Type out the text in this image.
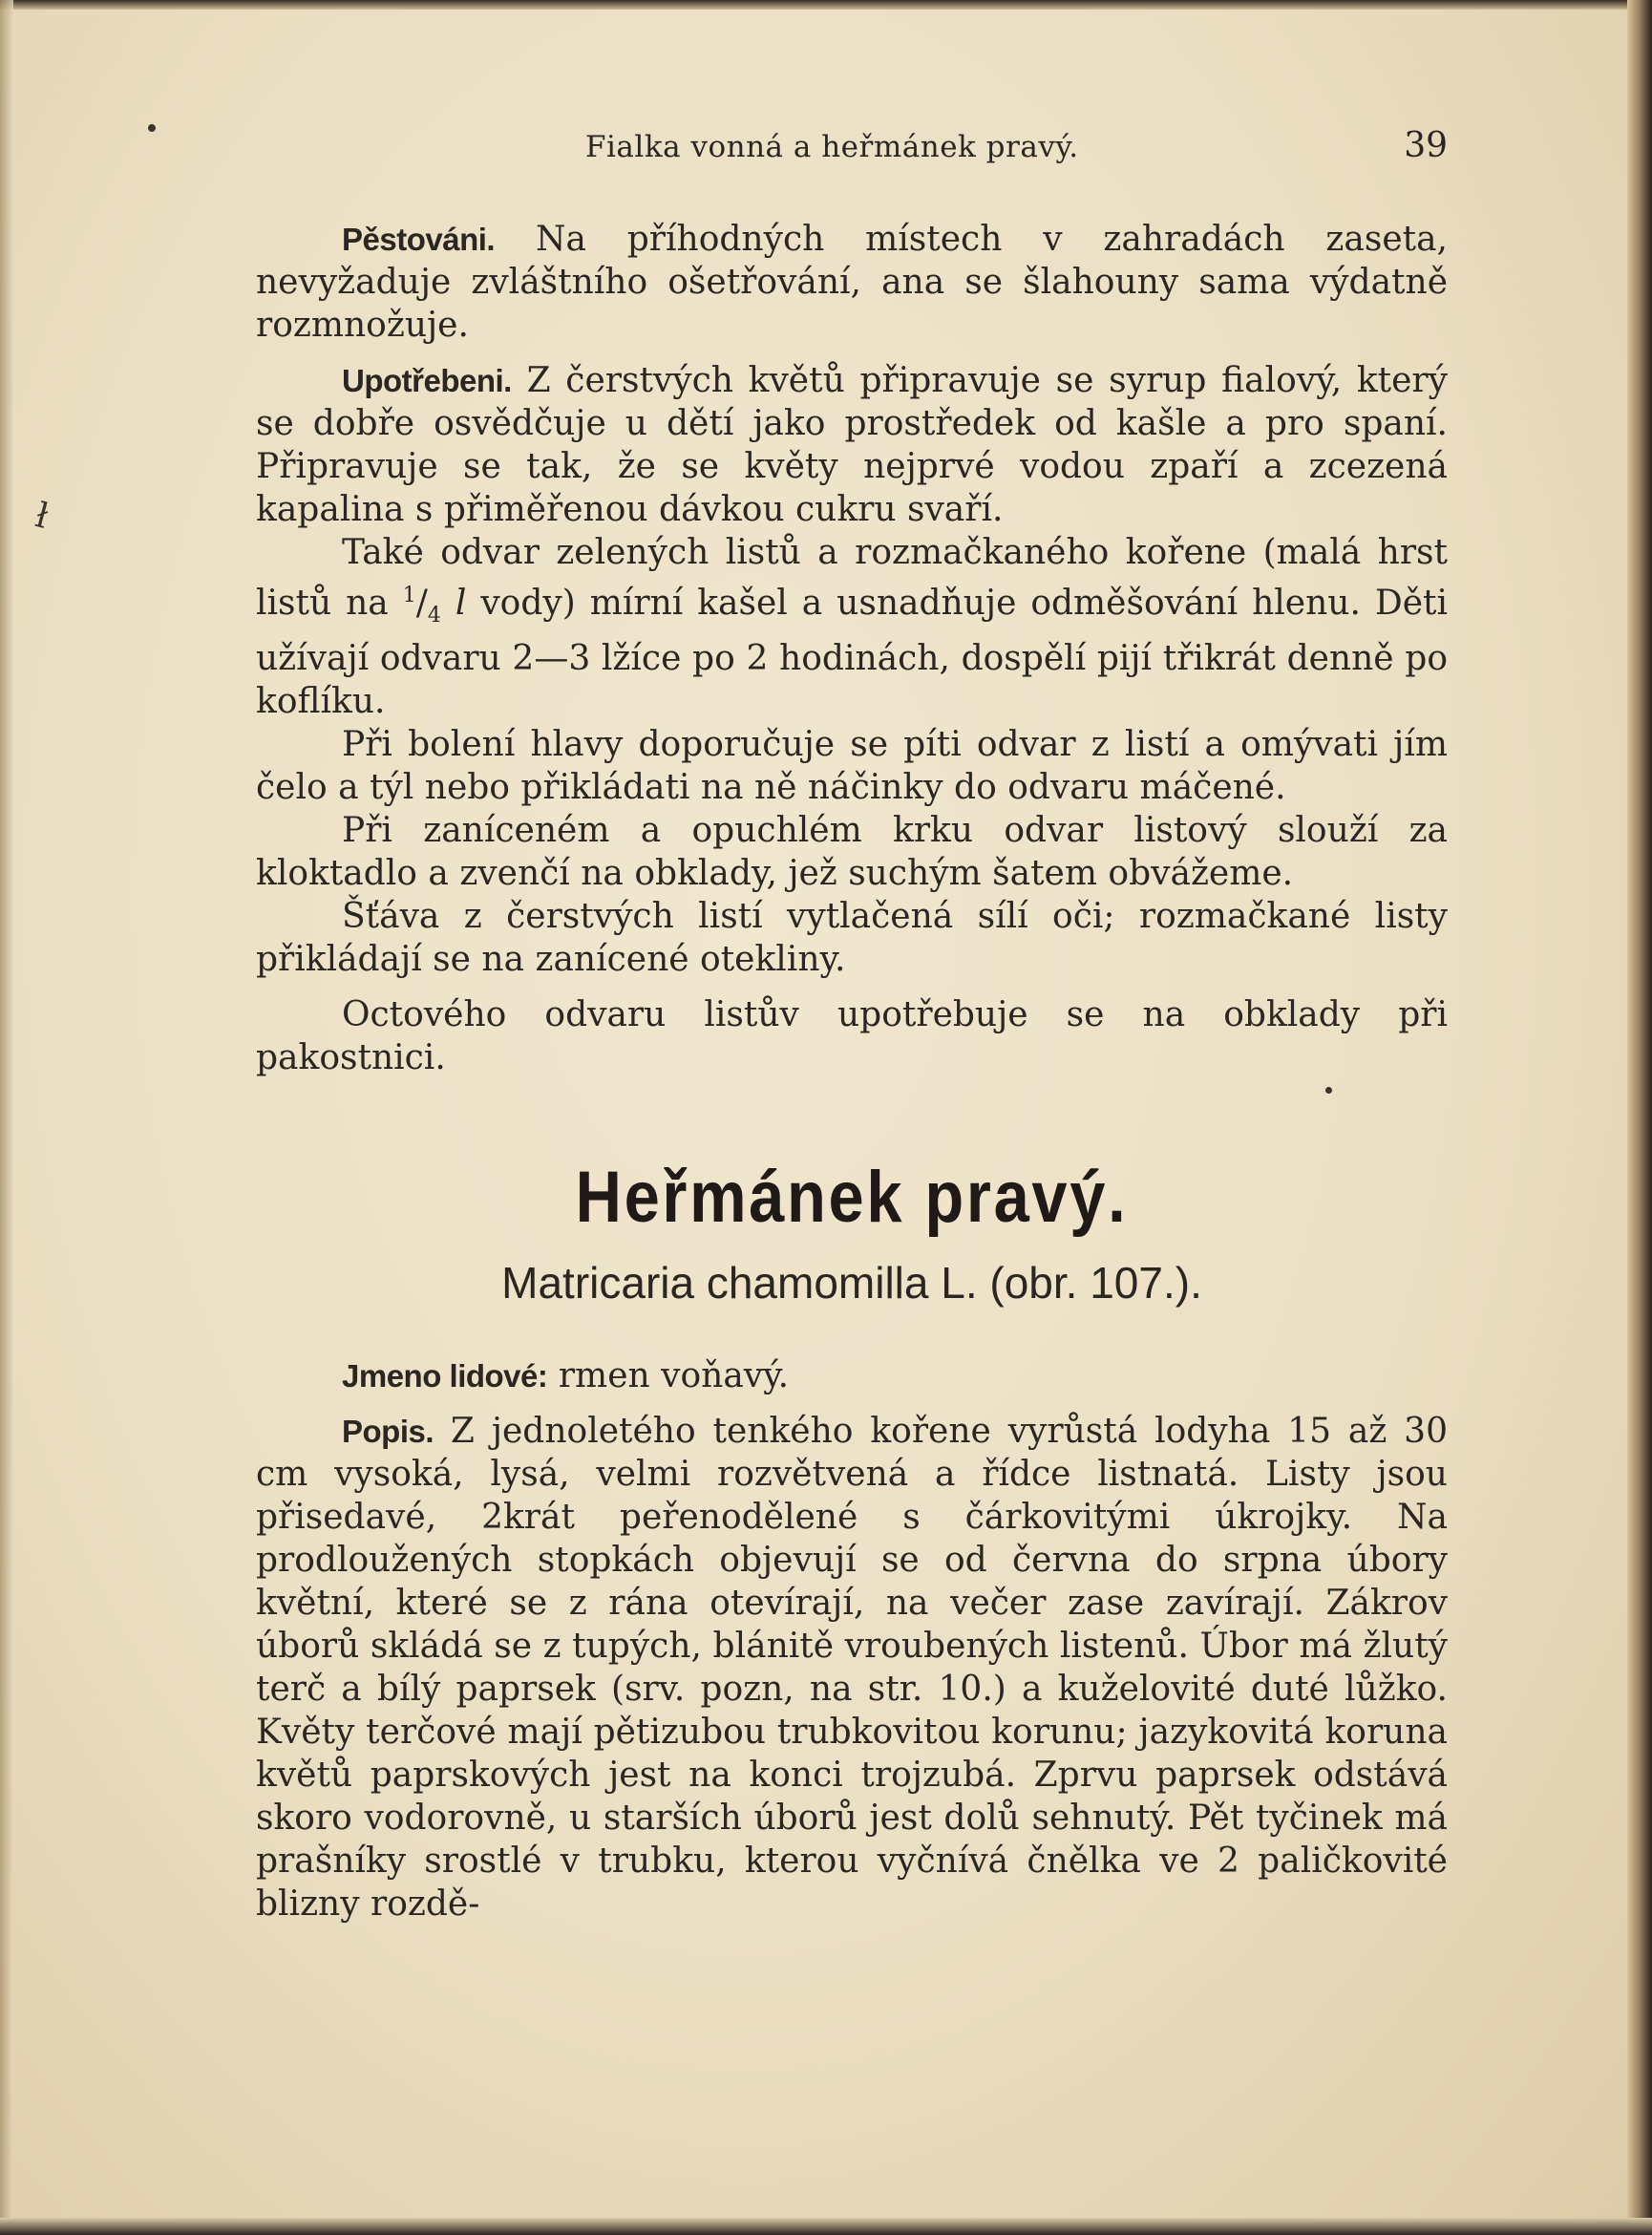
ł
Fialka vonná a heřmánek pravý.	39

Pěstováni. Na příhodných místech v zahradách zaseta, nevyžaduje zvláštního ošetřování, ana se šlahouny sama výdatně rozmnožuje.

Upotřebeni. Z čerstvých květů připravuje se syrup fialový, který se dobře osvědčuje u dětí jako prostředek od kašle a pro spaní. Připravuje se tak, že se květy nejprvé vodou zpaří a zcezená kapalina s přiměřenou dávkou cukru svaří.

Také odvar zelených listů a rozmačkaného kořene (malá hrst listů na $^1/_4$ l vody) mírní kašel a usnadňuje odměšování hlenu. Děti užívají odvaru 2—3 lžíce po 2 hodinách, dospělí pijí třikrát denně po koflíku.

Při bolení hlavy doporučuje se píti odvar z listí a omývati jím čelo a týl nebo přikládati na ně náčinky do odvaru máčené.

Při zaníceném a opuchlém krku odvar listový slouží za kloktadlo a zvenčí na obklady, jež suchým šatem obvážeme.

Šťáva z čerstvých listí vytlačená sílí oči; rozmačkané listy přikládají se na zanícené otekliny.

Octového odvaru listův upotřebuje se na obklady při pakostnici.

Heřmánek pravý.
Matricaria chamomilla L. (obr. 107.).

Jmeno lidové: rmen voňavý.

Popis. Z jednoletého tenkého kořene vyrůstá lodyha 15 až 30 cm vysoká, lysá, velmi rozvětvená a řídce listnatá. Listy jsou přisedavé, 2krát peřenodělené s čárkovitými úkrojky. Na prodloužených stopkách objevují se od června do srpna úbory květní, které se z rána otevírají, na večer zase zavírají. Zákrov úborů skládá se z tupých, blánitě vroubených listenů. Úbor má žlutý terč a bílý paprsek (srv. pozn, na str. 10.) a kuželovité duté lůžko. Květy terčové mají pětizubou trubkovitou korunu; jazykovitá koruna květů paprskových jest na konci trojzubá. Zprvu paprsek odstává skoro vodorovně, u starších úborů jest dolů sehnutý. Pět tyčinek má prašníky srostlé v trubku, kterou vyčnívá čnělka ve 2 paličkovité blizny rozdě-
